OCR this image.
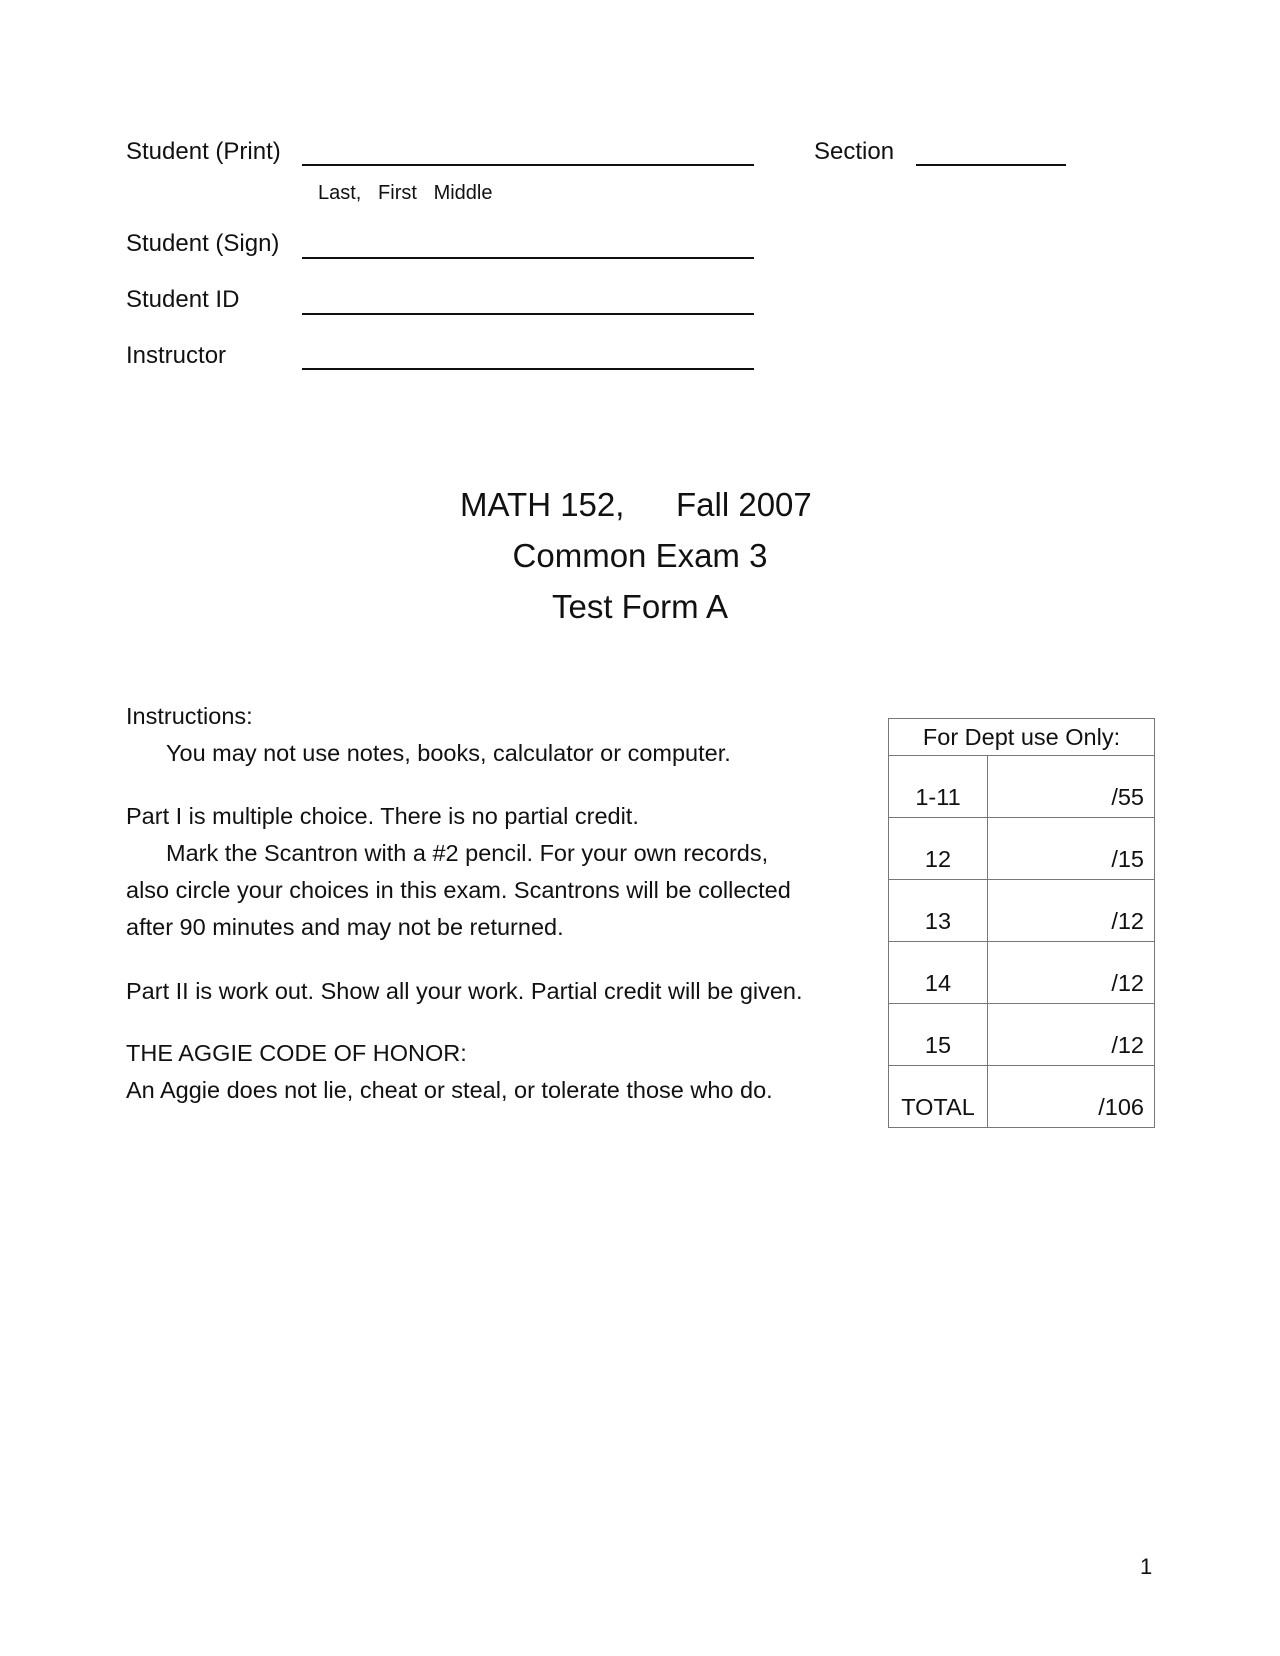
Student (Print)	Section
Last,   First   Middle
Student (Sign)
Student ID
Instructor
MATH 152, Fall 2007
Common Exam 3
Test Form A
Instructions:
You may not use notes, books, calculator or computer.
Part I is multiple choice. There is no partial credit.
Mark the Scantron with a #2 pencil. For your own records,
also circle your choices in this exam. Scantrons will be collected
after 90 minutes and may not be returned.
Part II is work out. Show all your work. Partial credit will be given.
THE AGGIE CODE OF HONOR:
An Aggie does not lie, cheat or steal, or tolerate those who do.
For Dept use Only:	
1-11	/55
12	/15
13	/12
14	/12
15	/12
TOTAL	/106
1
